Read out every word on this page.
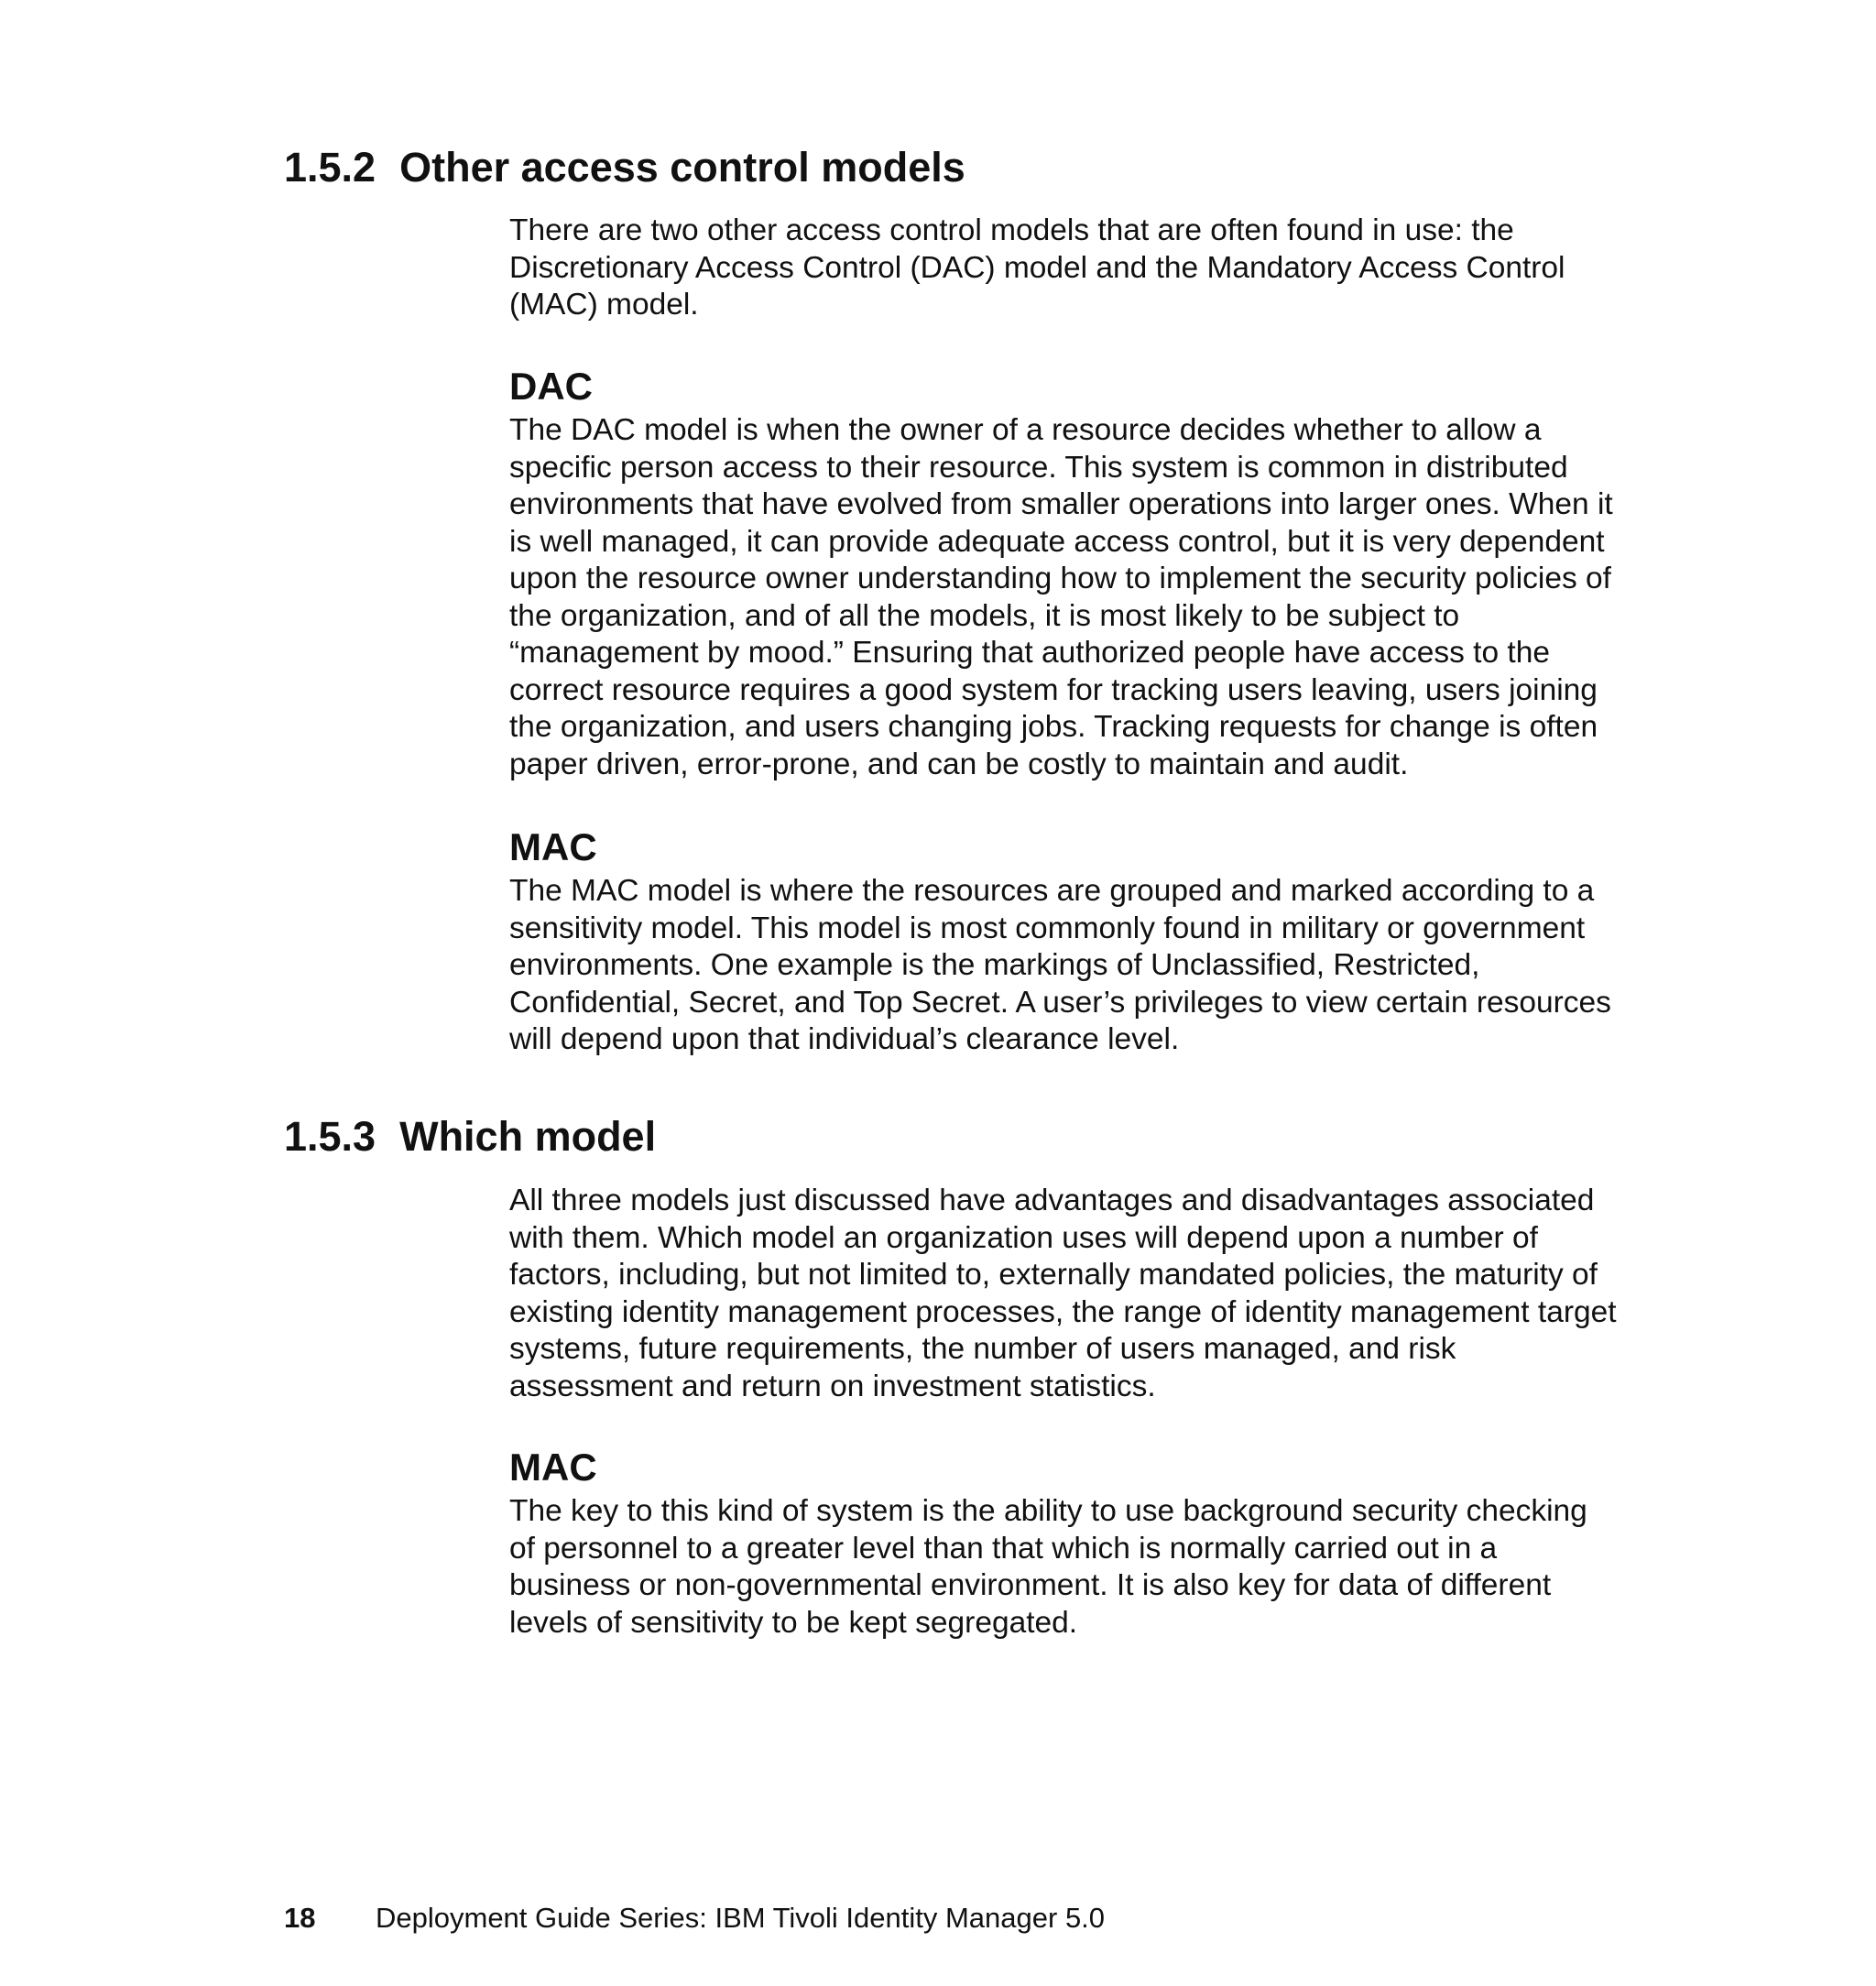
1.5.2 Other access control models

There are two other access control models that are often found in use: the Discretionary Access Control (DAC) model and the Mandatory Access Control (MAC) model.

DAC

The DAC model is when the owner of a resource decides whether to allow a specific person access to their resource. This system is common in distributed environments that have evolved from smaller operations into larger ones. When it is well managed, it can provide adequate access control, but it is very dependent upon the resource owner understanding how to implement the security policies of the organization, and of all the models, it is most likely to be subject to “management by mood.” Ensuring that authorized people have access to the correct resource requires a good system for tracking users leaving, users joining the organization, and users changing jobs. Tracking requests for change is often paper driven, error-prone, and can be costly to maintain and audit.

MAC

The MAC model is where the resources are grouped and marked according to a sensitivity model. This model is most commonly found in military or government environments. One example is the markings of Unclassified, Restricted, Confidential, Secret, and Top Secret. A user’s privileges to view certain resources will depend upon that individual’s clearance level.

1.5.3 Which model

All three models just discussed have advantages and disadvantages associated with them. Which model an organization uses will depend upon a number of factors, including, but not limited to, externally mandated policies, the maturity of existing identity management processes, the range of identity management target systems, future requirements, the number of users managed, and risk assessment and return on investment statistics.

MAC

The key to this kind of system is the ability to use background security checking of personnel to a greater level than that which is normally carried out in a business or non-governmental environment. It is also key for data of different levels of sensitivity to be kept segregated.

18 Deployment Guide Series: IBM Tivoli Identity Manager 5.0
